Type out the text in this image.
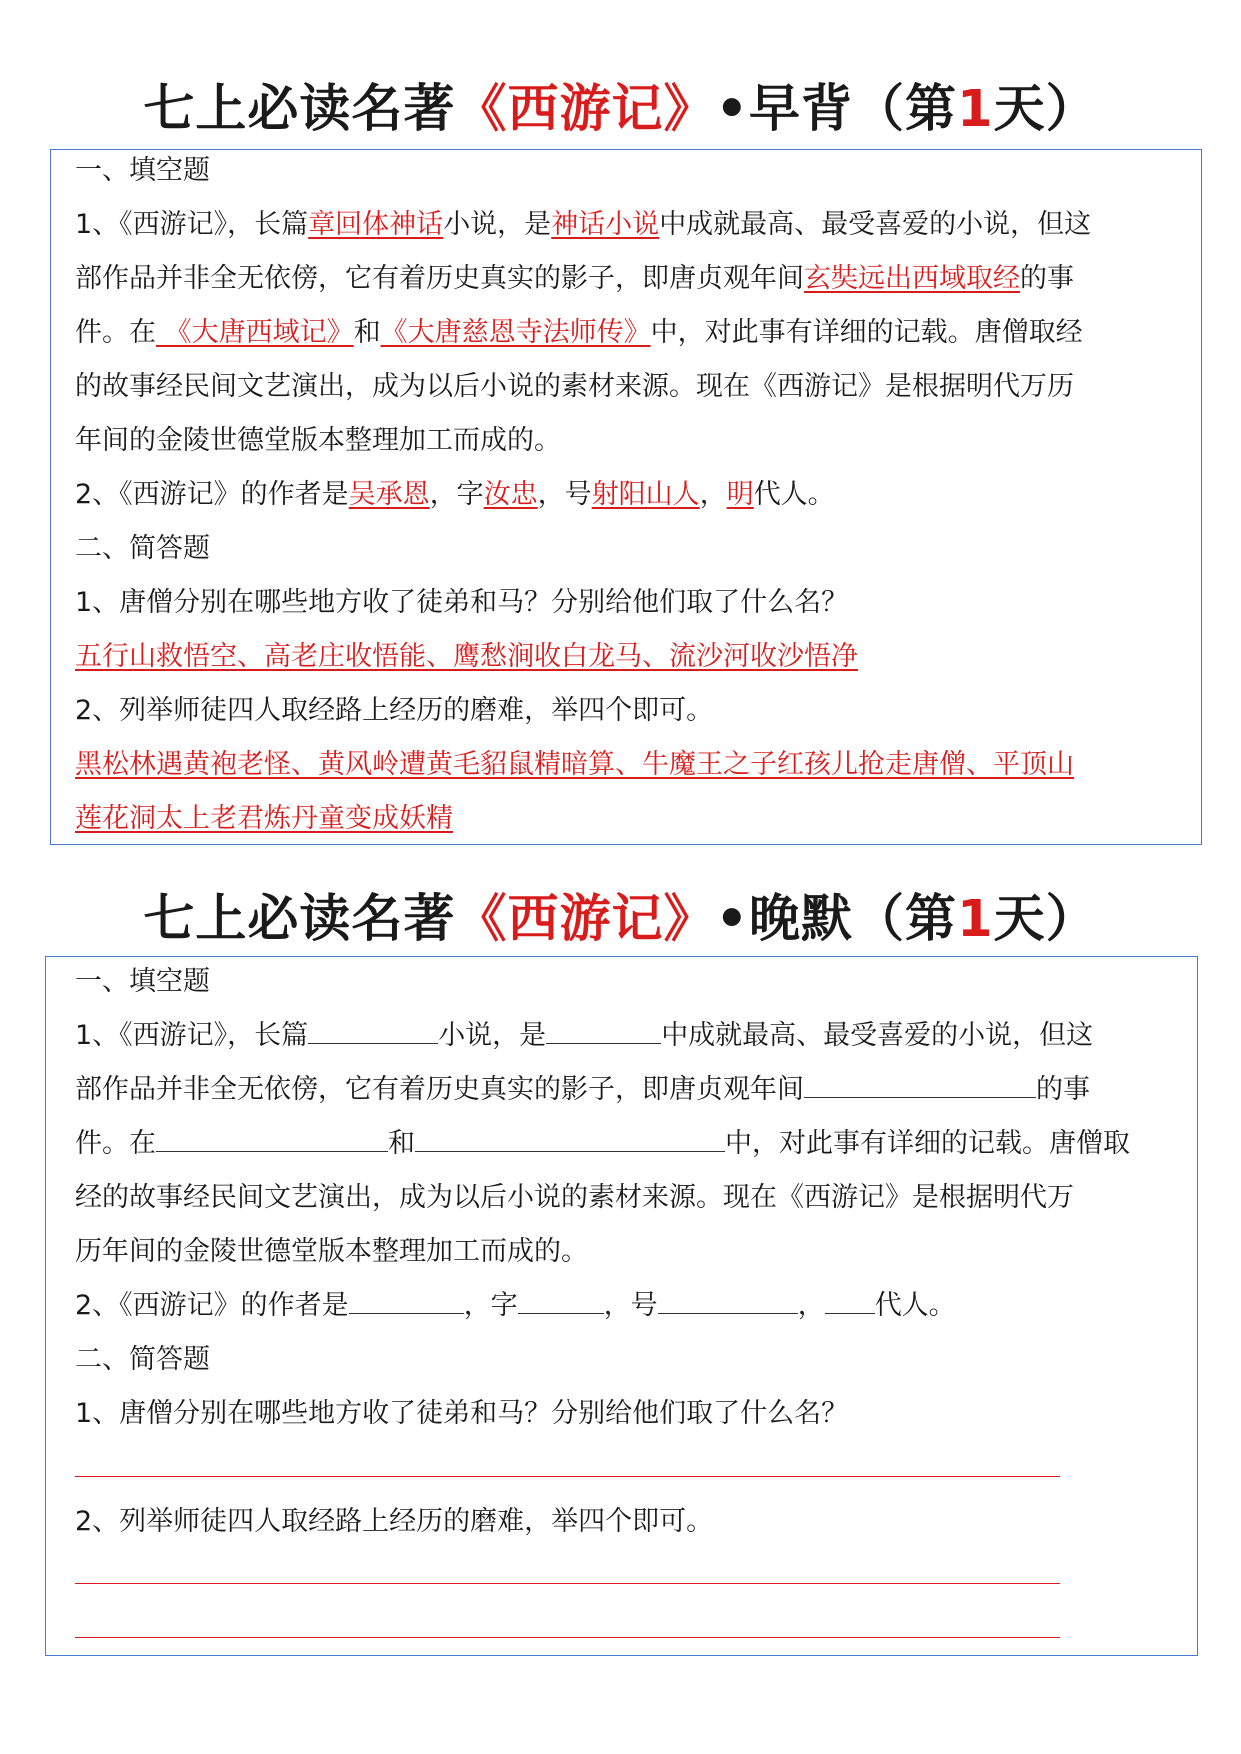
七上必读名著《西游记》•早背（第1天）
一、填空题
1、《西游记》，长篇章回体神话小说，是神话小说中成就最高、最受喜爱的小说，但这
部作品并非全无依傍，它有着历史真实的影子，即唐贞观年间玄奘远出西域取经的事
件。在 《大唐西域记》和《大唐慈恩寺法师传》中，对此事有详细的记载。唐僧取经
的故事经民间文艺演出，成为以后小说的素材来源。现在《西游记》是根据明代万历
年间的金陵世德堂版本整理加工而成的。
2、《西游记》的作者是吴承恩，字汝忠，号射阳山人，明代人。
二、简答题
1、唐僧分别在哪些地方收了徒弟和马？分别给他们取了什么名？
五行山救悟空、高老庄收悟能、鹰愁涧收白龙马、流沙河收沙悟净
2、列举师徒四人取经路上经历的磨难，举四个即可。
黑松林遇黄袍老怪、黄风岭遭黄毛貂鼠精暗算、牛魔王之子红孩儿抢走唐僧、平顶山
莲花洞太上老君炼丹童变成妖精
七上必读名著《西游记》•晚默（第1天）
一、填空题
1、《西游记》，长篇	小说，是	中成就最高、最受喜爱的小说，但这
部作品并非全无依傍，它有着历史真实的影子，即唐贞观年间	的事
件。在	和	中，对此事有详细的记载。唐僧取
经的故事经民间文艺演出，成为以后小说的素材来源。现在《西游记》是根据明代万
历年间的金陵世德堂版本整理加工而成的。
2、《西游记》的作者是	，字	，号	， 代人。
二、简答题
1、唐僧分别在哪些地方收了徒弟和马？分别给他们取了什么名？
2、列举师徒四人取经路上经历的磨难，举四个即可。
